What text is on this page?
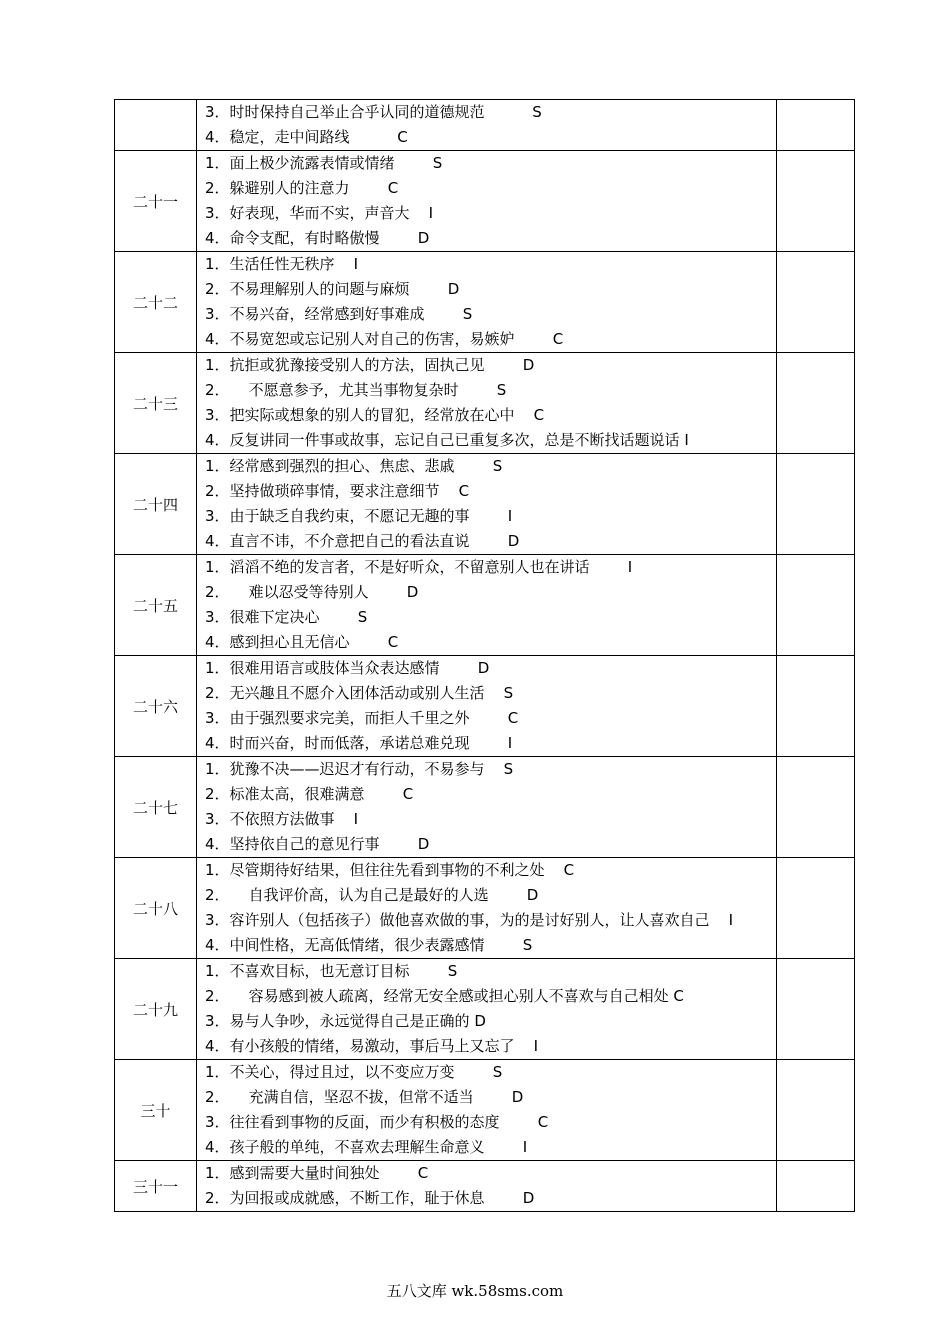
	3．时时保持自己举止合乎认同的道德规范          S
4．稳定，走中间路线          C	

二十一	1．面上极少流露表情或情绪        S
2．躲避别人的注意力        C
3．好表现，华而不实，声音大    I
4．命令支配，有时略傲慢        D	

二十二	1．生活任性无秩序    I
2．不易理解别人的问题与麻烦        D
3．不易兴奋，经常感到好事难成        S
4．不易宽恕或忘记别人对自己的伤害，易嫉妒        C	

二十三	1．抗拒或犹豫接受别人的方法，固执己见        D
2．    不愿意参予，尤其当事物复杂时        S
3．把实际或想象的别人的冒犯，经常放在心中    C
4．反复讲同一件事或故事，忘记自己已重复多次，总是不断找话题说话 I	

二十四	1．经常感到强烈的担心、焦虑、悲戚        S
2．坚持做琐碎事情，要求注意细节    C
3．由于缺乏自我约束，不愿记无趣的事        I
4．直言不讳，不介意把自己的看法直说        D	

二十五	1．滔滔不绝的发言者，不是好听众，不留意别人也在讲话        I
2．    难以忍受等待别人        D
3．很难下定决心        S
4．感到担心且无信心        C	

二十六	1．很难用语言或肢体当众表达感情        D
2．无兴趣且不愿介入团体活动或别人生活    S
3．由于强烈要求完美，而拒人千里之外        C
4．时而兴奋，时而低落，承诺总难兑现        I	

二十七	1．犹豫不决——迟迟才有行动，不易参与    S
2．标准太高，很难满意        C
3．不依照方法做事    I
4．坚持依自己的意见行事        D	

二十八	1．尽管期待好结果，但往往先看到事物的不利之处    C
2．    自我评价高，认为自己是最好的人选        D
3．容许别人（包括孩子）做他喜欢做的事，为的是讨好别人，让人喜欢自己    I
4．中间性格，无高低情绪，很少表露感情        S	

二十九	1．不喜欢目标，也无意订目标        S
2．    容易感到被人疏离，经常无安全感或担心别人不喜欢与自己相处 C
3．易与人争吵，永远觉得自己是正确的 D
4．有小孩般的情绪，易激动，事后马上又忘了    I	

三十	1．不关心，得过且过，以不变应万变        S
2．    充满自信，坚忍不拔，但常不适当        D
3．往往看到事物的反面，而少有积极的态度        C
4．孩子般的单纯，不喜欢去理解生命意义        I	

三十一	1．感到需要大量时间独处        C
2．为回报或成就感，不断工作，耻于休息        D	

五八文库 wk.58sms.com
